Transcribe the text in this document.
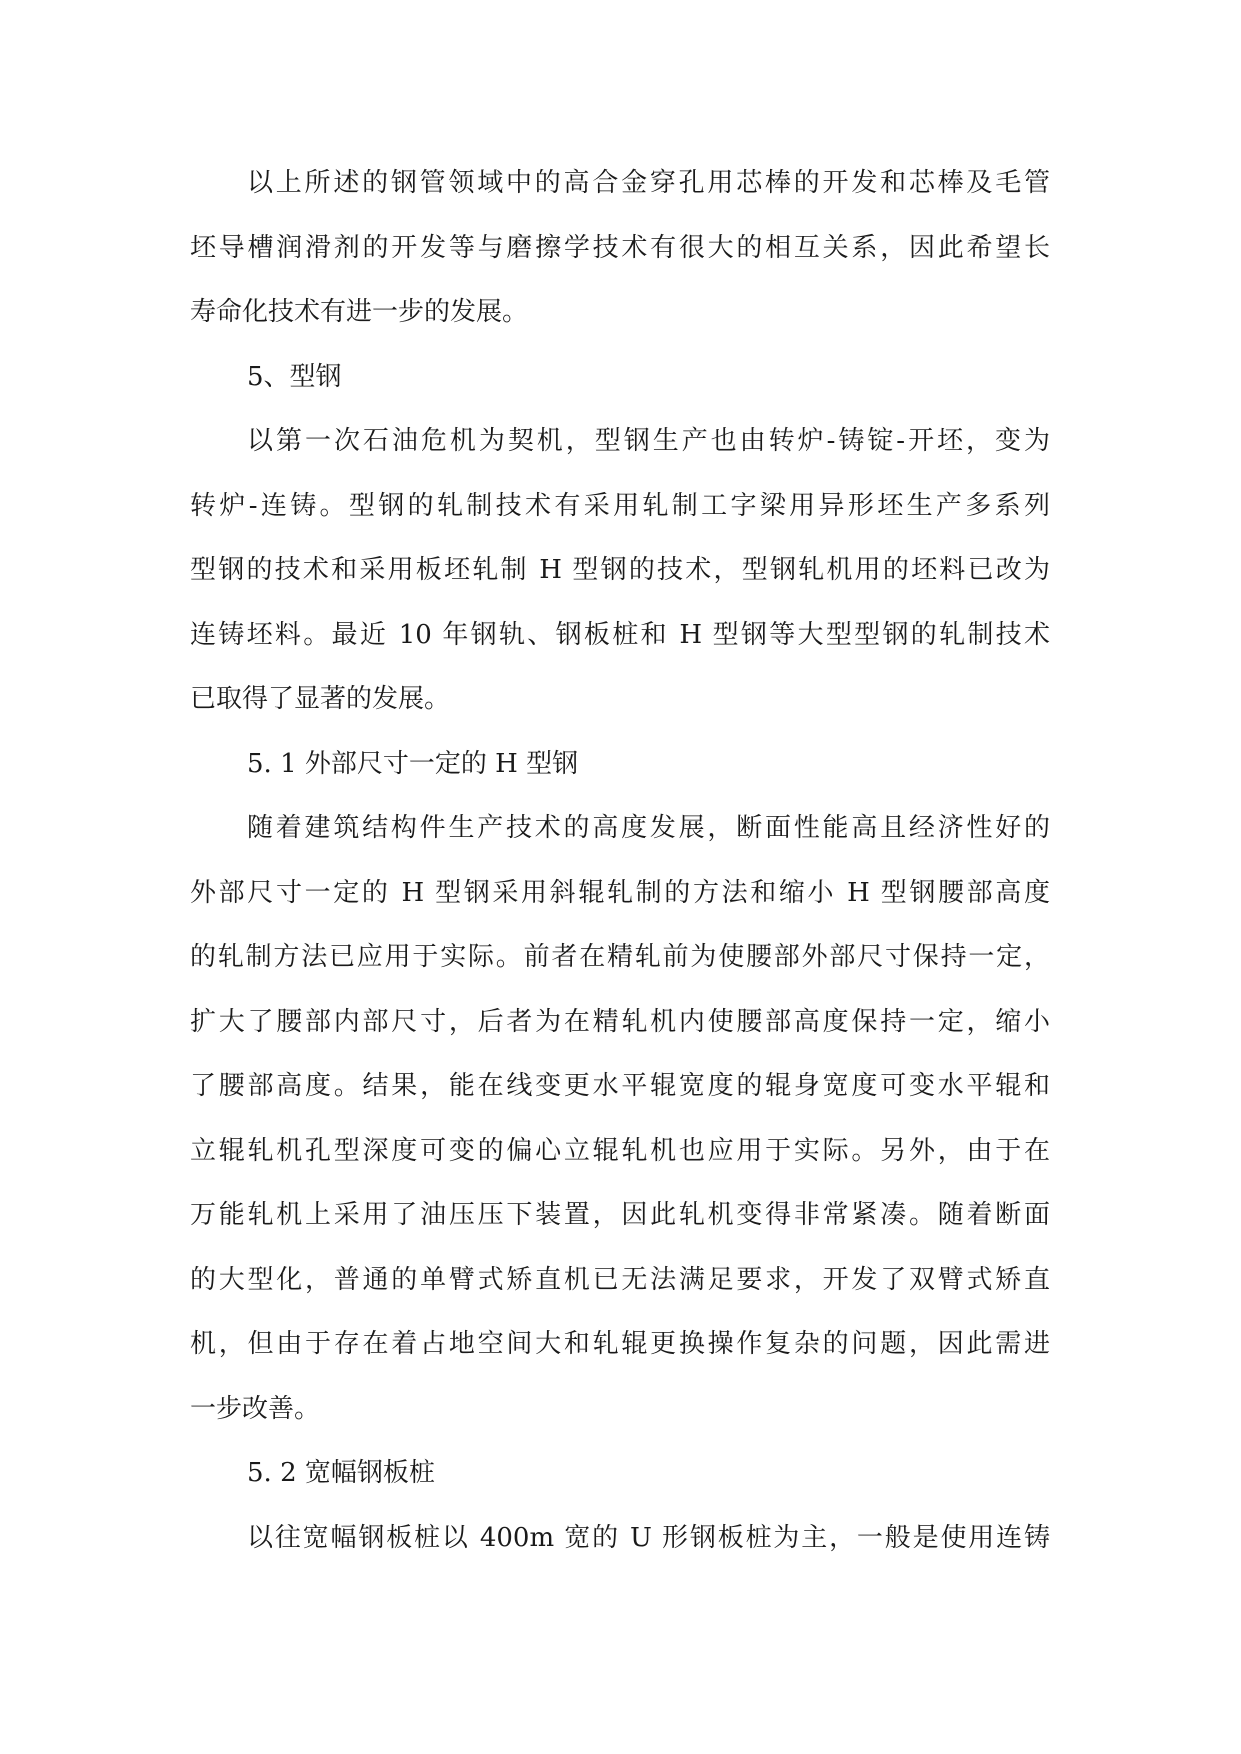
以上所述的钢管领域中的高合金穿孔用芯棒的开发和芯棒及毛管
坯导槽润滑剂的开发等与磨擦学技术有很大的相互关系，因此希望长
寿命化技术有进一步的发展。
5、型钢
以第一次石油危机为契机，型钢生产也由转炉-铸锭-开坯，变为
转炉-连铸。型钢的轧制技术有采用轧制工字梁用异形坯生产多系列
型钢的技术和采用板坯轧制 H 型钢的技术，型钢轧机用的坯料已改为
连铸坯料。最近 10 年钢轨、钢板桩和 H 型钢等大型型钢的轧制技术
已取得了显著的发展。
5. 1 外部尺寸一定的 H 型钢
随着建筑结构件生产技术的高度发展，断面性能高且经济性好的
外部尺寸一定的 H 型钢采用斜辊轧制的方法和缩小 H 型钢腰部高度
的轧制方法已应用于实际。前者在精轧前为使腰部外部尺寸保持一定，
扩大了腰部内部尺寸，后者为在精轧机内使腰部高度保持一定，缩小
了腰部高度。结果，能在线变更水平辊宽度的辊身宽度可变水平辊和
立辊轧机孔型深度可变的偏心立辊轧机也应用于实际。另外，由于在
万能轧机上采用了油压压下装置，因此轧机变得非常紧凑。随着断面
的大型化，普通的单臂式矫直机已无法满足要求，开发了双臂式矫直
机，但由于存在着占地空间大和轧辊更换操作复杂的问题，因此需进
一步改善。
5. 2 宽幅钢板桩
以往宽幅钢板桩以 400m 宽的 U 形钢板桩为主，一般是使用连铸
